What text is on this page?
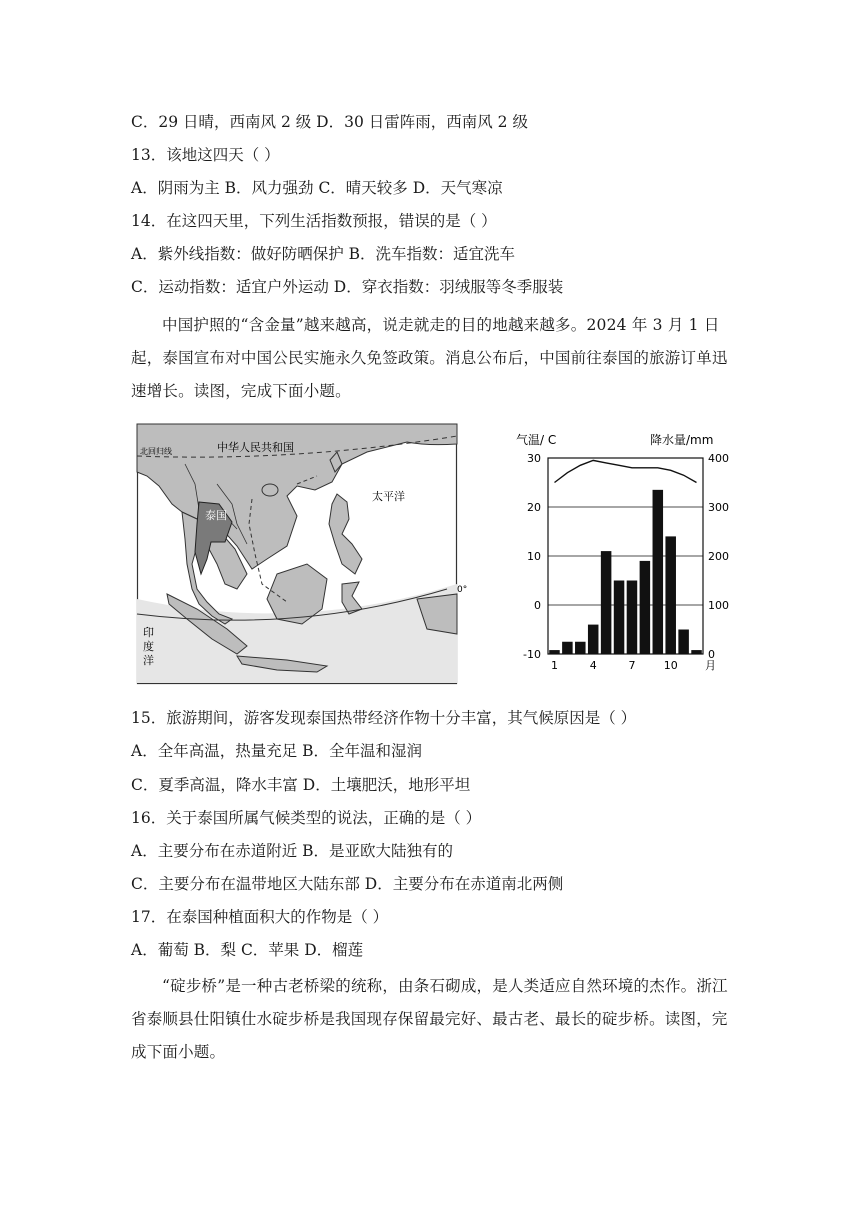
C．29 日晴，西南风 2 级 D．30 日雷阵雨，西南风 2 级
13．该地这四天（ ）
A．阴雨为主 B．风力强劲 C．晴天较多 D．天气寒凉
14．在这四天里，下列生活指数预报，错误的是（ ）
A．紫外线指数：做好防晒保护 B．洗车指数：适宜洗车
C．运动指数：适宜户外运动 D．穿衣指数：羽绒服等冬季服装
中国护照的“含金量”越来越高，说走就走的目的地越来越多。2024 年 3 月 1 日起，泰国宣布对中国公民实施永久免签政策。消息公布后，中国前往泰国的旅游订单迅速增长。读图，完成下面小题。
中华人民共和国
北回归线
泰国
太平洋
0°
印度洋
气温/ C	降水量/mm
30
20
10
0
-10
400
300
200
100
0
1	4	7	10 月
15．旅游期间，游客发现泰国热带经济作物十分丰富，其气候原因是（ ）
A．全年高温，热量充足 B．全年温和湿润
C．夏季高温，降水丰富 D．土壤肥沃，地形平坦
16．关于泰国所属气候类型的说法，正确的是（ ）
A．主要分布在赤道附近 B．是亚欧大陆独有的
C．主要分布在温带地区大陆东部 D．主要分布在赤道南北两侧
17．在泰国种植面积大的作物是（ ）
A．葡萄 B．梨 C．苹果 D．榴莲
“碇步桥”是一种古老桥梁的统称，由条石砌成，是人类适应自然环境的杰作。浙江省泰顺县仕阳镇仕水碇步桥是我国现存保留最完好、最古老、最长的碇步桥。读图，完成下面小题。
